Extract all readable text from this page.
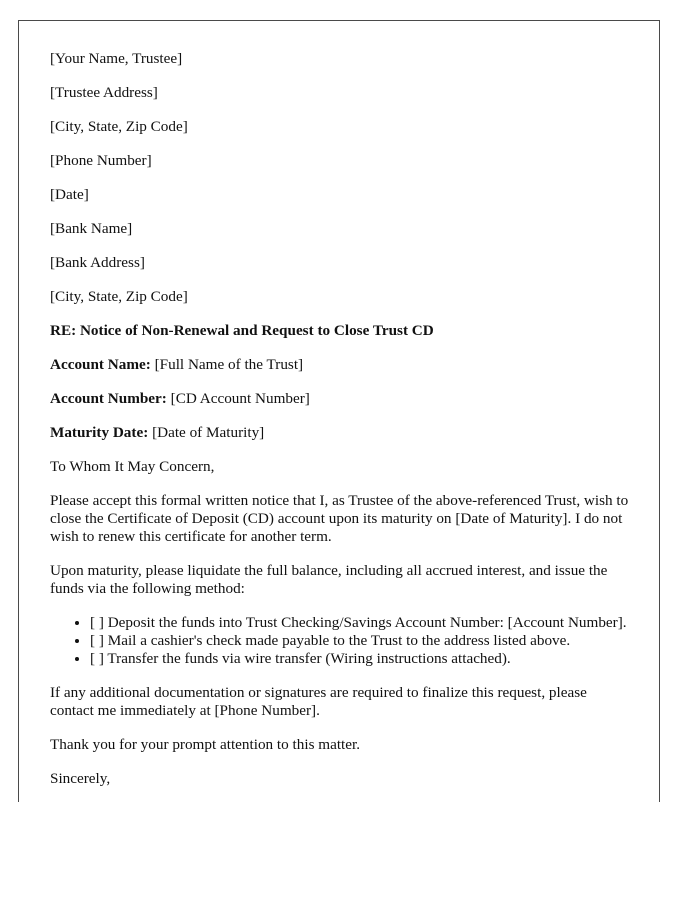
[Your Name, Trustee]

[Trustee Address]

[City, State, Zip Code]

[Phone Number]

[Date]

[Bank Name]

[Bank Address]

[City, State, Zip Code]

RE: Notice of Non-Renewal and Request to Close Trust CD

Account Name: [Full Name of the Trust]

Account Number: [CD Account Number]

Maturity Date: [Date of Maturity]

To Whom It May Concern,

Please accept this formal written notice that I, as Trustee of the above-referenced Trust, wish to close the Certificate of Deposit (CD) account upon its maturity on [Date of Maturity]. I do not wish to renew this certificate for another term.

Upon maturity, please liquidate the full balance, including all accrued interest, and issue the funds via the following method:

• [ ] Deposit the funds into Trust Checking/Savings Account Number: [Account Number].
• [ ] Mail a cashier's check made payable to the Trust to the address listed above.
• [ ] Transfer the funds via wire transfer (Wiring instructions attached).

If any additional documentation or signatures are required to finalize this request, please contact me immediately at [Phone Number].

Thank you for your prompt attention to this matter.

Sincerely,
